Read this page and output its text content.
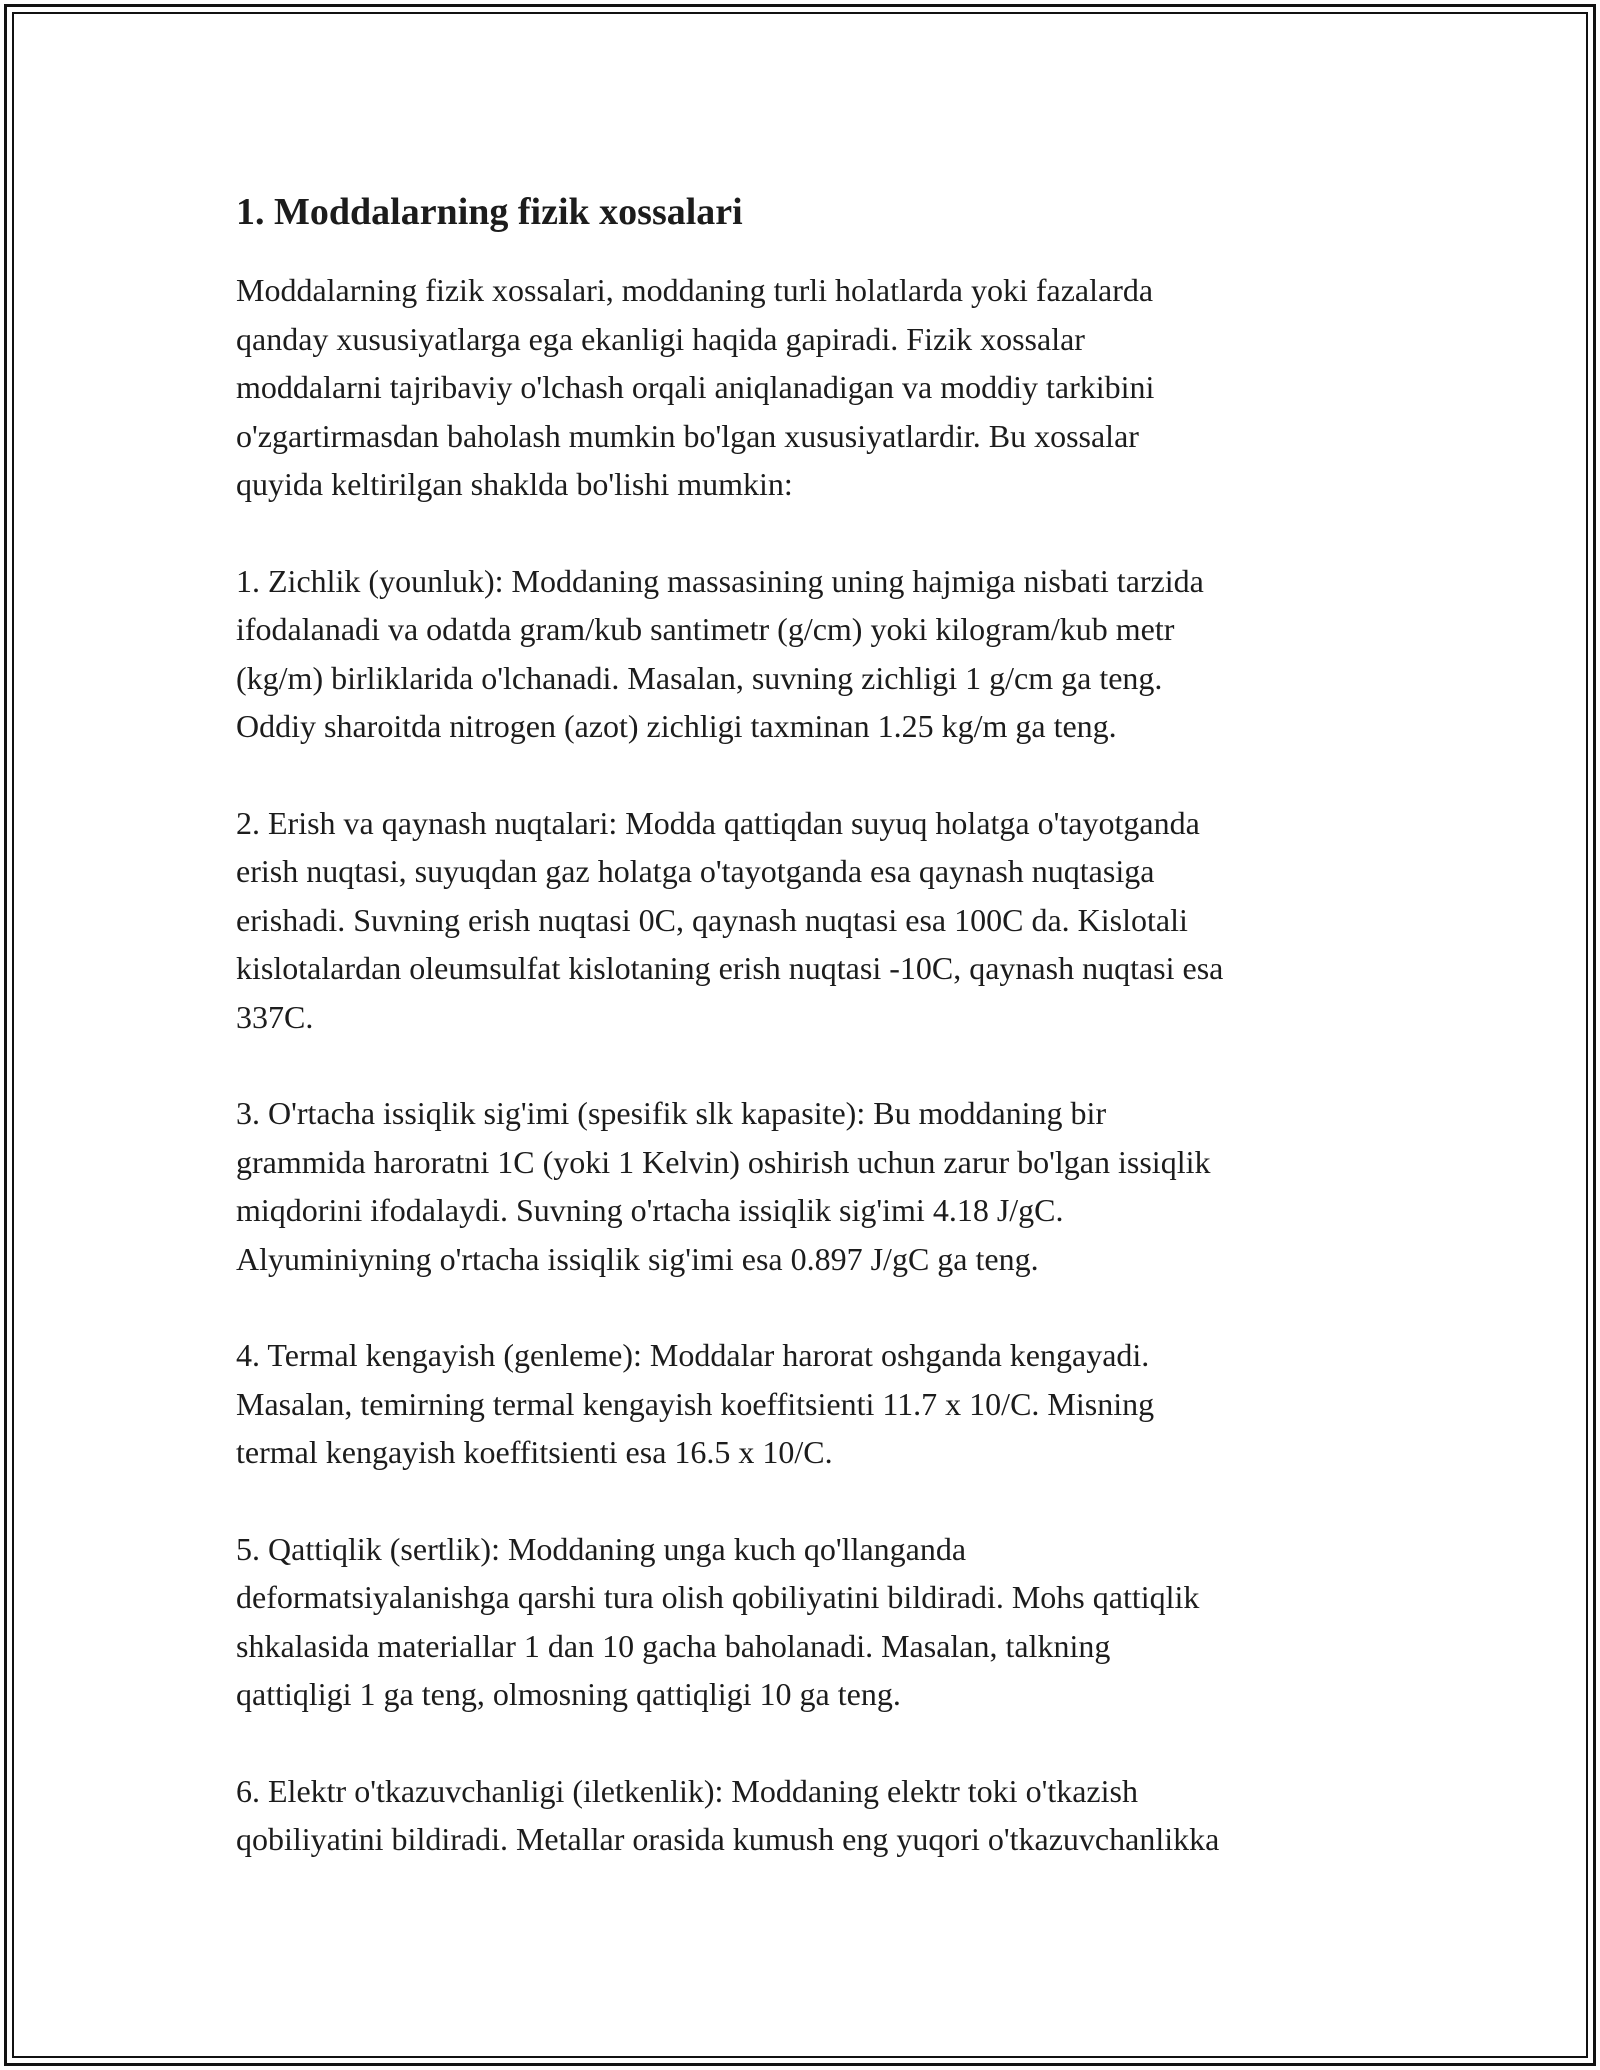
1. Moddalarning fizik xossalari

Moddalarning fizik xossalari, moddaning turli holatlarda yoki fazalarda
qanday xususiyatlarga ega ekanligi haqida gapiradi. Fizik xossalar
moddalarni tajribaviy o'lchash orqali aniqlanadigan va moddiy tarkibini
o'zgartirmasdan baholash mumkin bo'lgan xususiyatlardir. Bu xossalar
quyida keltirilgan shaklda bo'lishi mumkin:

1. Zichlik (younluk): Moddaning massasining uning hajmiga nisbati tarzida
ifodalanadi va odatda gram/kub santimetr (g/cm) yoki kilogram/kub metr
(kg/m) birliklarida o'lchanadi. Masalan, suvning zichligi 1 g/cm ga teng.
Oddiy sharoitda nitrogen (azot) zichligi taxminan 1.25 kg/m ga teng.

2. Erish va qaynash nuqtalari: Modda qattiqdan suyuq holatga o'tayotganda
erish nuqtasi, suyuqdan gaz holatga o'tayotganda esa qaynash nuqtasiga
erishadi. Suvning erish nuqtasi 0C, qaynash nuqtasi esa 100C da. Kislotali
kislotalardan oleumsulfat kislotaning erish nuqtasi -10C, qaynash nuqtasi esa
337C.

3. O'rtacha issiqlik sig'imi (spesifik slk kapasite): Bu moddaning bir
grammida haroratni 1C (yoki 1 Kelvin) oshirish uchun zarur bo'lgan issiqlik
miqdorini ifodalaydi. Suvning o'rtacha issiqlik sig'imi 4.18 J/gC.
Alyuminiyning o'rtacha issiqlik sig'imi esa 0.897 J/gC ga teng.

4. Termal kengayish (genleme): Moddalar harorat oshganda kengayadi.
Masalan, temirning termal kengayish koeffitsienti 11.7 x 10/C. Misning
termal kengayish koeffitsienti esa 16.5 x 10/C.

5. Qattiqlik (sertlik): Moddaning unga kuch qo'llanganda
deformatsiyalanishga qarshi tura olish qobiliyatini bildiradi. Mohs qattiqlik
shkalasida materiallar 1 dan 10 gacha baholanadi. Masalan, talkning
qattiqligi 1 ga teng, olmosning qattiqligi 10 ga teng.

6. Elektr o'tkazuvchanligi (iletkenlik): Moddaning elektr toki o'tkazish
qobiliyatini bildiradi. Metallar orasida kumush eng yuqori o'tkazuvchanlikka
